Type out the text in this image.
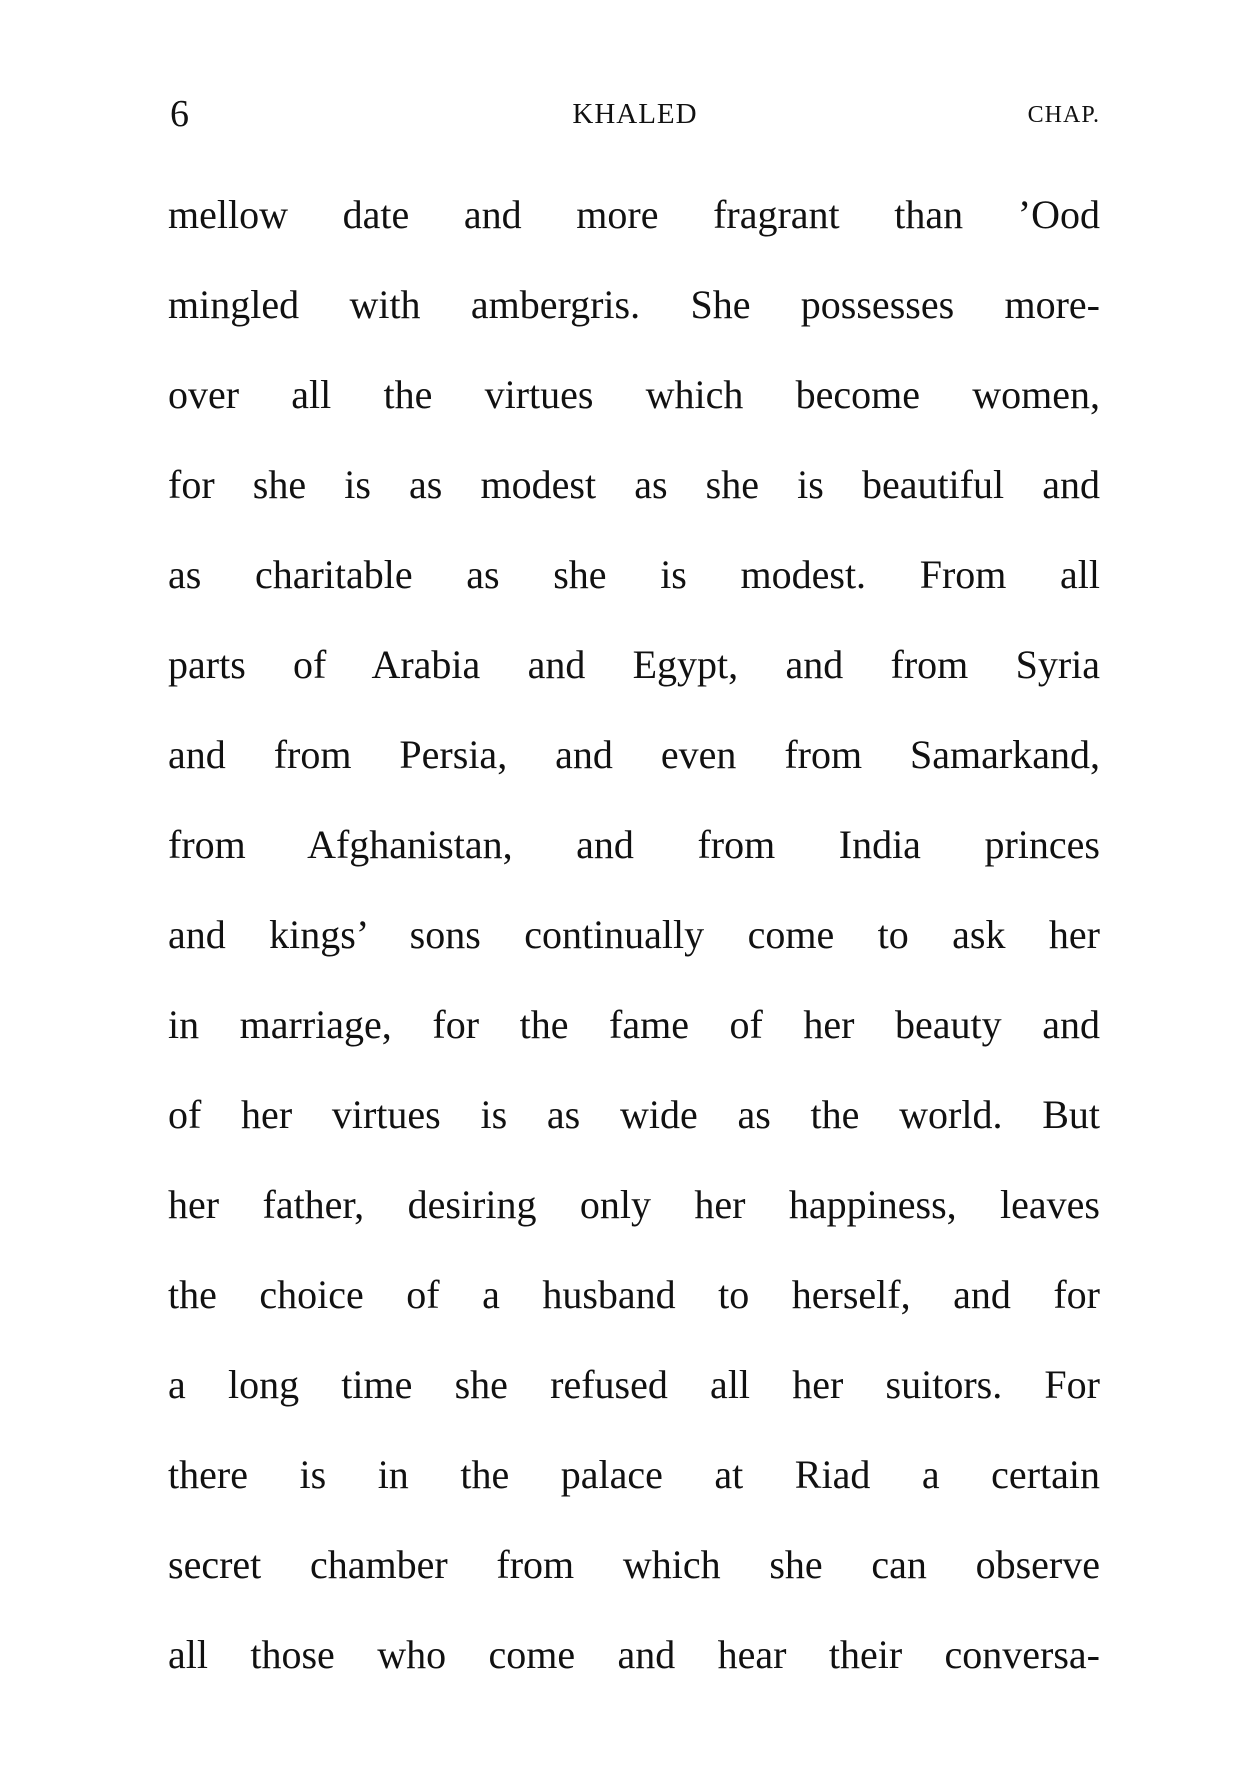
6	KHALED	CHAP.
mellow date and more fragrant than ’Ood
mingled with ambergris. She possesses more-
over all the virtues which become women,
for she is as modest as she is beautiful and
as charitable as she is modest. From all
parts of Arabia and Egypt, and from Syria
and from Persia, and even from Samarkand,
from Afghanistan, and from India princes
and kings’ sons continually come to ask her
in marriage, for the fame of her beauty and
of her virtues is as wide as the world. But
her father, desiring only her happiness, leaves
the choice of a husband to herself, and for
a long time she refused all her suitors. For
there is in the palace at Riad a certain
secret chamber from which she can observe
all those who come and hear their conversa-
